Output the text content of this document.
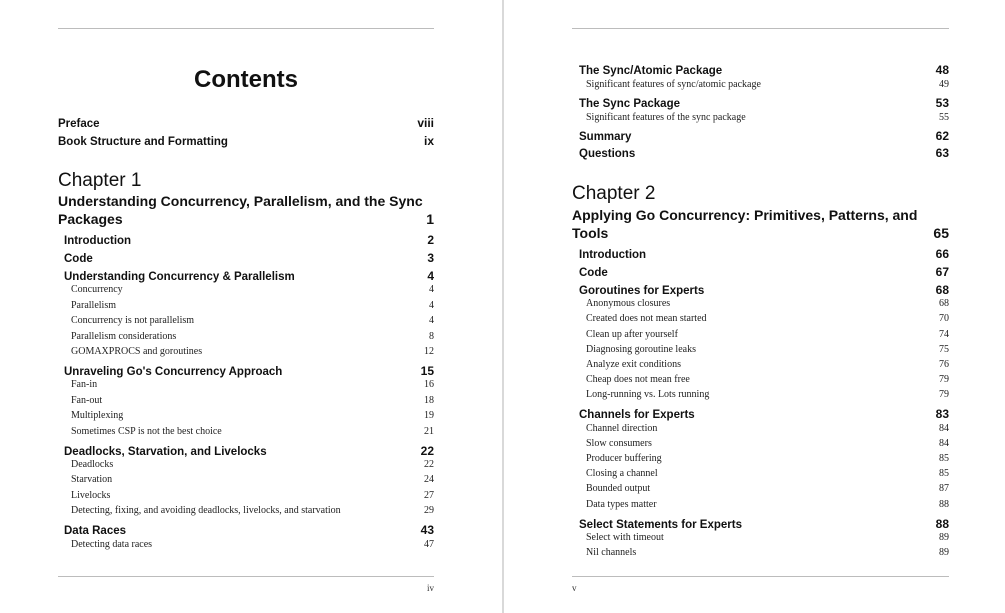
Contents
Preface	viii
Book Structure and Formatting	ix
Chapter 1
Understanding Concurrency, Parallelism, and the Sync
Packages	1
Introduction	2
Code	3
Understanding Concurrency & Parallelism	4
Concurrency	4
Parallelism	4
Concurrency is not parallelism	4
Parallelism considerations	8
GOMAXPROCS and goroutines	12
Unraveling Go's Concurrency Approach	15
Fan-in	16
Fan-out	18
Multiplexing	19
Sometimes CSP is not the best choice	21
Deadlocks, Starvation, and Livelocks	22
Deadlocks	22
Starvation	24
Livelocks	27
Detecting, fixing, and avoiding deadlocks, livelocks, and starvation	29
Data Races	43
Detecting data races	47
iv
The Sync/Atomic Package	48
Significant features of sync/atomic package	49
The Sync Package	53
Significant features of the sync package	55
Summary	62
Questions	63
Chapter 2
Applying Go Concurrency: Primitives, Patterns, and
Tools	65
Introduction	66
Code	67
Goroutines for Experts	68
Anonymous closures	68
Created does not mean started	70
Clean up after yourself	74
Diagnosing goroutine leaks	75
Analyze exit conditions	76
Cheap does not mean free	79
Long-running vs. Lots running	79
Channels for Experts	83
Channel direction	84
Slow consumers	84
Producer buffering	85
Closing a channel	85
Bounded output	87
Data types matter	88
Select Statements for Experts	88
Select with timeout	89
Nil channels	89
v
